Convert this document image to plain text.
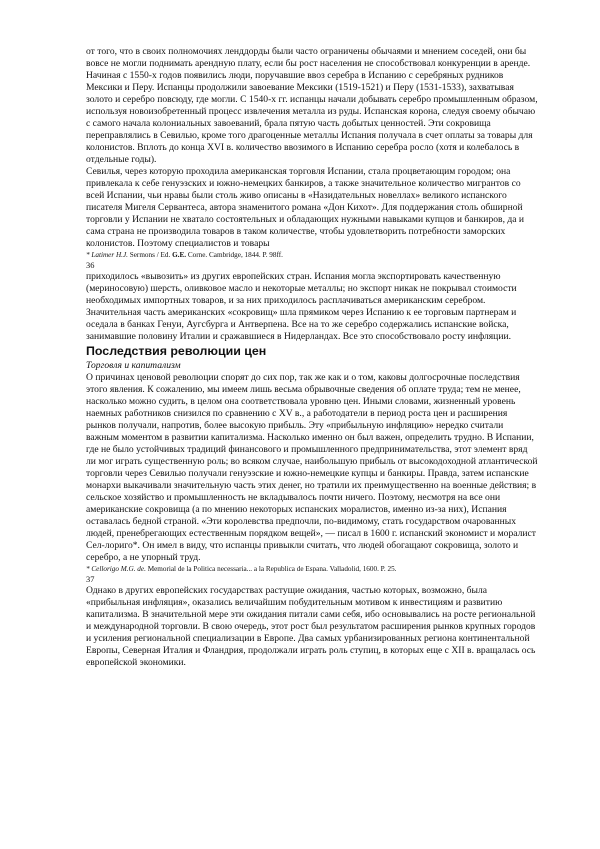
от того, что в своих полномочиях ленддорды были часто ограничены обычаями и мнением соседей, они бы вовсе не могли поднимать арендную плату, если бы рост населения не способствовал конкуренции в аренде.

Начиная с 1550-х годов появились люди, поручавшие ввоз серебра в Испанию с серебряных рудников Мексики и Перу. Испанцы продолжили завоевание Мексики (1519-1521) и Перу (1531-1533), захватывая золото и серебро повсюду, где могли. С 1540-х гг. испанцы начали добывать серебро промышленным образом, используя новоизобретенный процесс извлечения металла из руды. Испанская корона, следуя своему обычаю с самого начала колониальных завоеваний, брала пятую часть добытых ценностей. Эти сокровища переправлялись в Севилью, кроме того драгоценные металлы Испания получала в счет оплаты за товары для колонистов. Вплоть до конца XVI в. количество ввозимого в Испанию серебра росло (хотя и колебалось в отдельные годы).

Севилья, через которую проходила американская торговля Испании, стала процветающим городом; она привлекала к себе генуэзских и южно-немецких банкиров, а также значительное количество мигрантов со всей Испании, чьи нравы были столь живо описаны в «Назидательных новеллах» великого испанского писателя Мигеля Сервантеса, автора знаменитого романа «Дон Кихот». Для поддержания столь обширной торговли у Испании не хватало состоятельных и обладающих нужными навыками купцов и банкиров, да и сама страна не производила товаров в таком количестве, чтобы удовлетворить потребности заморских колонистов. Поэтому специалистов и товары

* Latimer H.J. Sermons / Ed. G.E. Corne. Cambridge, 1844. P. 98ff.

36

приходилось «вывозить» из других европейских стран. Испания могла экспортировать качественную (мериносовую) шерсть, оливковое масло и некоторые металлы; но экспорт никак не покрывал стоимости необходимых импортных товаров, и за них приходилось расплачиваться американским серебром. Значительная часть американских «сокровищ» шла прямиком через Испанию к ее торговым партнерам и оседала в банках Генуи, Аугсбурга и Антверпена. Все на то же серебро содержались испанские войска, занимавшие половину Италии и сражавшиеся в Нидерландах. Все это способствовало росту инфляции.

Последствия революции цен
Торговля и капитализм

О причинах ценовой революции спорят до сих пор, так же как и о том, каковы долгосрочные последствия этого явления. К сожалению, мы имеем лишь весьма обрывочные сведения об оплате труда; тем не менее, насколько можно судить, в целом она соответствовала уровню цен. Иными словами, жизненный уровень наемных работников снизился по сравнению с XV в., а работодатели в период роста цен и расширения рынков получали, напротив, более высокую прибыль. Эту «прибыльную инфляцию» нередко считали важным моментом в развитии капитализма. Насколько именно он был важен, определить трудно. В Испании, где не было устойчивых традиций финансового и промышленного предпринимательства, этот элемент вряд ли мог играть существенную роль; во всяком случае, наибольшую прибыль от высокодоходной атлантической торговли через Севилью получали генуэзские и южно-немецкие купцы и банкиры. Правда, затем испанские монархи выкачивали значительную часть этих денег, но тратили их преимущественно на военные действия; в сельское хозяйство и промышленность не вкладывалось почти ничего. Поэтому, несмотря на все они американские сокровища (а по мнению некоторых испанских моралистов, именно из-за них), Испания оставалась бедной страной. «Эти королевства предпочли, по-видимому, стать государством очарованных людей, пренебрегающих естественным порядком вещей», — писал в 1600 г. испанский экономист и моралист Сел-лориго*. Он имел в виду, что испанцы привыкли считать, что людей обогащают сокровища, золото и серебро, а не упорный труд.

* Cellorigo M.G. de. Memorial de la Politica necessaria... a la Republica de Espana. Valladolid, 1600. P. 25.

37

Однако в других европейских государствах растущие ожидания, частью которых, возможно, была «прибыльная инфляция», оказались величайшим побудительным мотивом к инвестициям и развитию капитализма. В значительной мере эти ожидания питали сами себя, ибо основывались на росте региональной и международной торговли. В свою очередь, этот рост был результатом расширения рынков крупных городов и усиления региональной специализации в Европе. Два самых урбанизированных региона континентальной Европы, Северная Италия и Фландрия, продолжали играть роль ступиц, в которых еще с XII в. вращалась ось европейской экономики.
